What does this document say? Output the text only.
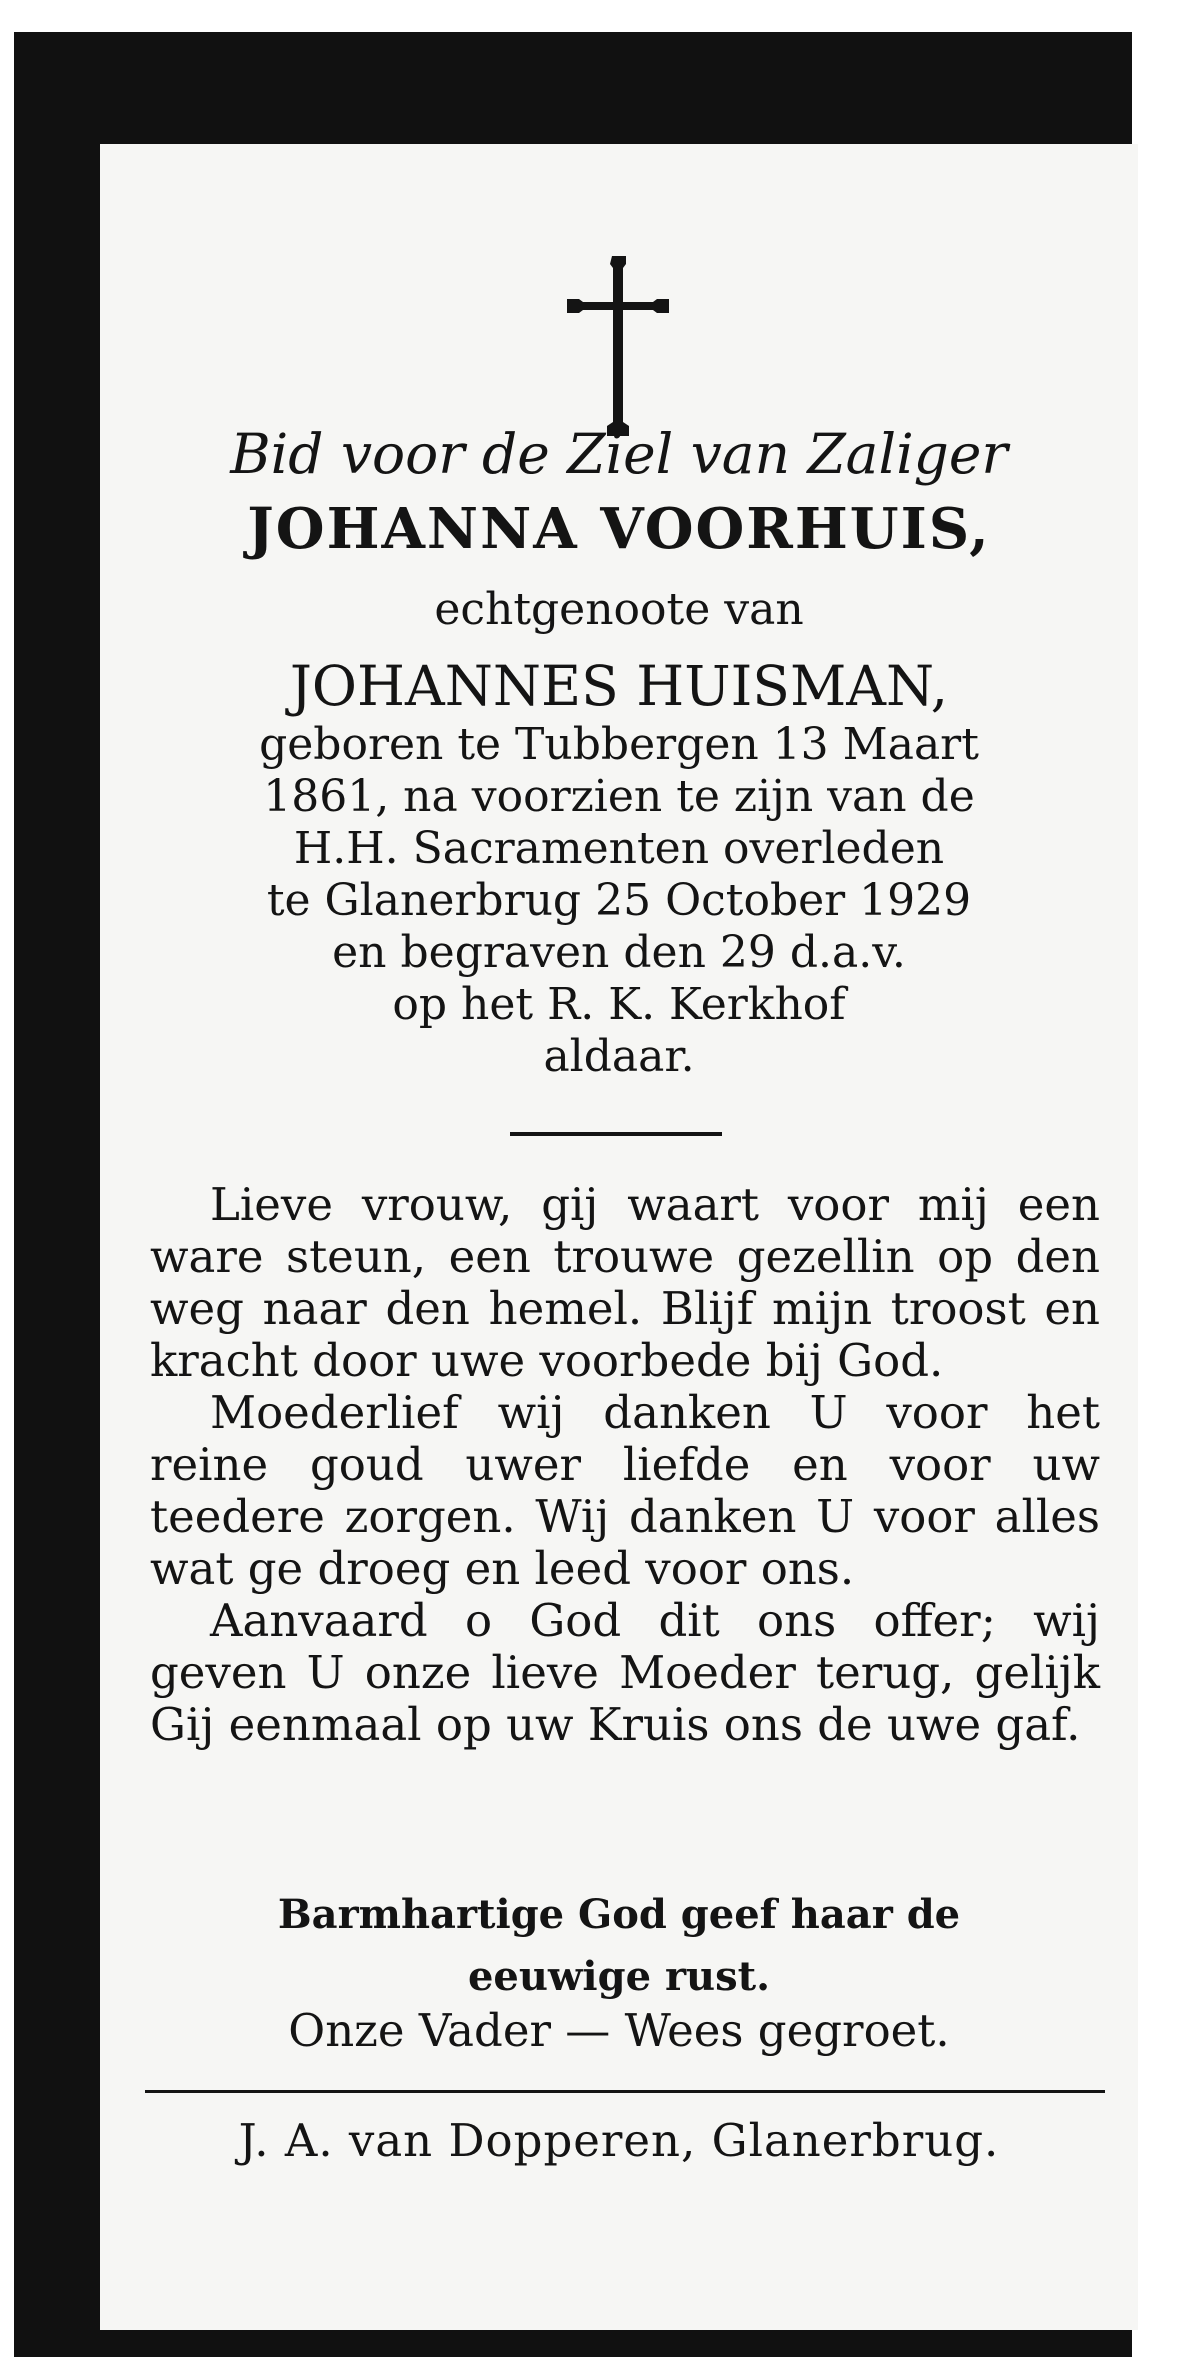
Bid voor de Ziel van Zaliger
JOHANNA VOORHUIS,
echtgenoote van
JOHANNES HUISMAN,
geboren te Tubbergen 13 Maart
1861, na voorzien te zijn van de
H.H. Sacramenten overleden
te Glanerbrug 25 October 1929
en begraven den 29 d.a.v.
op het R. K. Kerkhof
aldaar.

Lieve vrouw, gij waart voor mij een ware steun, een trouwe gezellin op den weg naar den hemel. Blijf mijn troost en kracht door uwe voorbede bij God.

Moederlief wij danken U voor het reine goud uwer liefde en voor uw teedere zorgen. Wij danken U voor alles wat ge droeg en leed voor ons.

Aanvaard o God dit ons offer; wij geven U onze lieve Moeder terug, gelijk Gij eenmaal op uw Kruis ons de uwe gaf.

Barmhartige God geef haar de
eeuwige rust.
Onze Vader — Wees gegroet.
J. A. van Dopperen, Glanerbrug.
